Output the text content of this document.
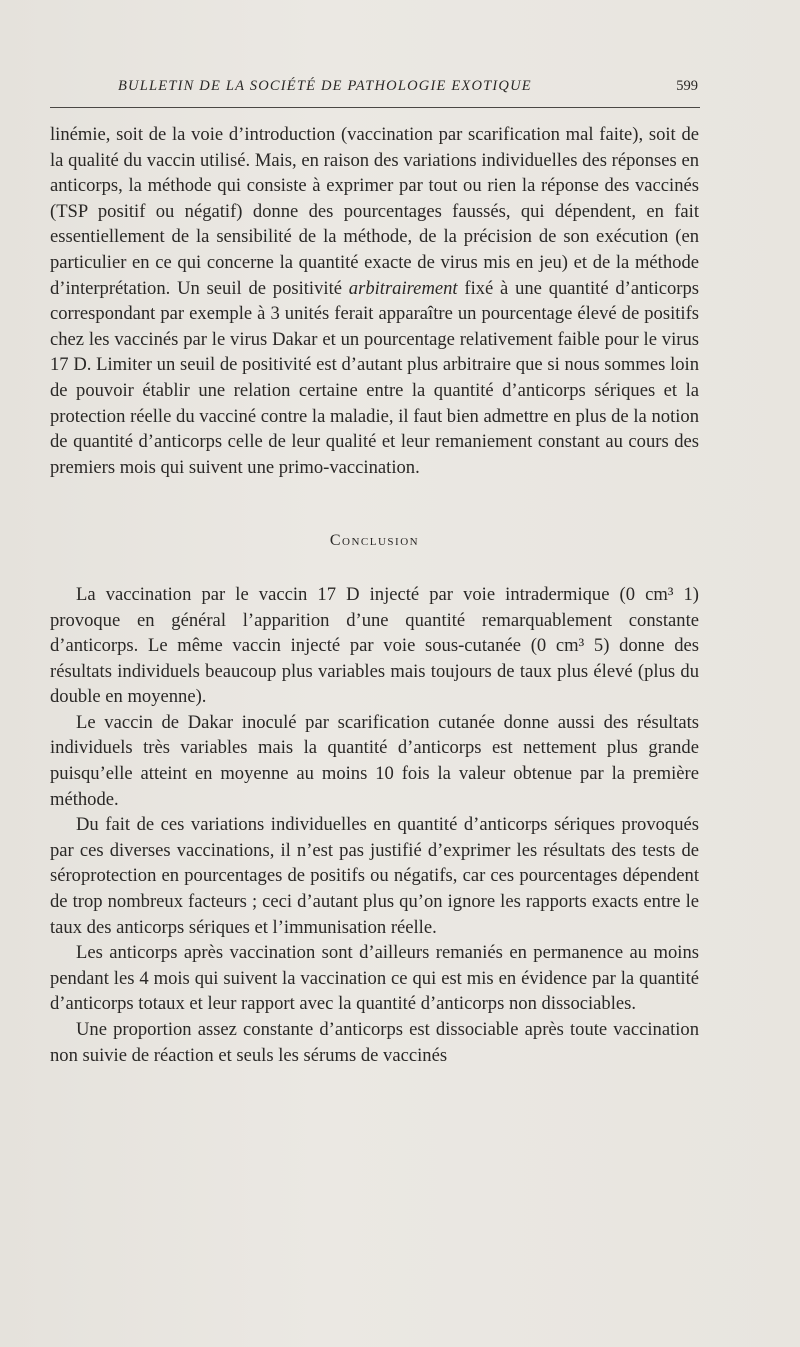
BULLETIN DE LA SOCIÉTÉ DE PATHOLOGIE EXOTIQUE	599

linémie, soit de la voie d’introduction (vaccination par scarification mal faite), soit de la qualité du vaccin utilisé. Mais, en raison des variations individuelles des réponses en anticorps, la méthode qui consiste à exprimer par tout ou rien la réponse des vaccinés (TSP positif ou négatif) donne des pourcentages faussés, qui dépendent, en fait essentiellement de la sensibilité de la méthode, de la précision de son exécution (en particulier en ce qui concerne la quantité exacte de virus mis en jeu) et de la méthode d’interprétation. Un seuil de positivité arbitrairement fixé à une quantité d’anticorps correspondant par exemple à 3 unités ferait apparaître un pourcentage élevé de positifs chez les vaccinés par le virus Dakar et un pourcentage relativement faible pour le virus 17 D. Limiter un seuil de positivité est d’autant plus arbitraire que si nous sommes loin de pouvoir établir une relation certaine entre la quantité d’anticorps sériques et la protection réelle du vacciné contre la maladie, il faut bien admettre en plus de la notion de quantité d’anticorps celle de leur qualité et leur remaniement constant au cours des premiers mois qui suivent une primo-vaccination.

Conclusion

La vaccination par le vaccin 17 D injecté par voie intradermique (0 cm³ 1) provoque en général l’apparition d’une quantité remarquablement constante d’anticorps. Le même vaccin injecté par voie sous-cutanée (0 cm³ 5) donne des résultats individuels beaucoup plus variables mais toujours de taux plus élevé (plus du double en moyenne).

Le vaccin de Dakar inoculé par scarification cutanée donne aussi des résultats individuels très variables mais la quantité d’anticorps est nettement plus grande puisqu’elle atteint en moyenne au moins 10 fois la valeur obtenue par la première méthode.

Du fait de ces variations individuelles en quantité d’anticorps sériques provoqués par ces diverses vaccinations, il n’est pas justifié d’exprimer les résultats des tests de séroprotection en pourcentages de positifs ou négatifs, car ces pourcentages dépendent de trop nombreux facteurs ; ceci d’autant plus qu’on ignore les rapports exacts entre le taux des anticorps sériques et l’immunisation réelle.

Les anticorps après vaccination sont d’ailleurs remaniés en permanence au moins pendant les 4 mois qui suivent la vaccination ce qui est mis en évidence par la quantité d’anticorps totaux et leur rapport avec la quantité d’anticorps non dissociables.

Une proportion assez constante d’anticorps est dissociable après toute vaccination non suivie de réaction et seuls les sérums de vaccinés
